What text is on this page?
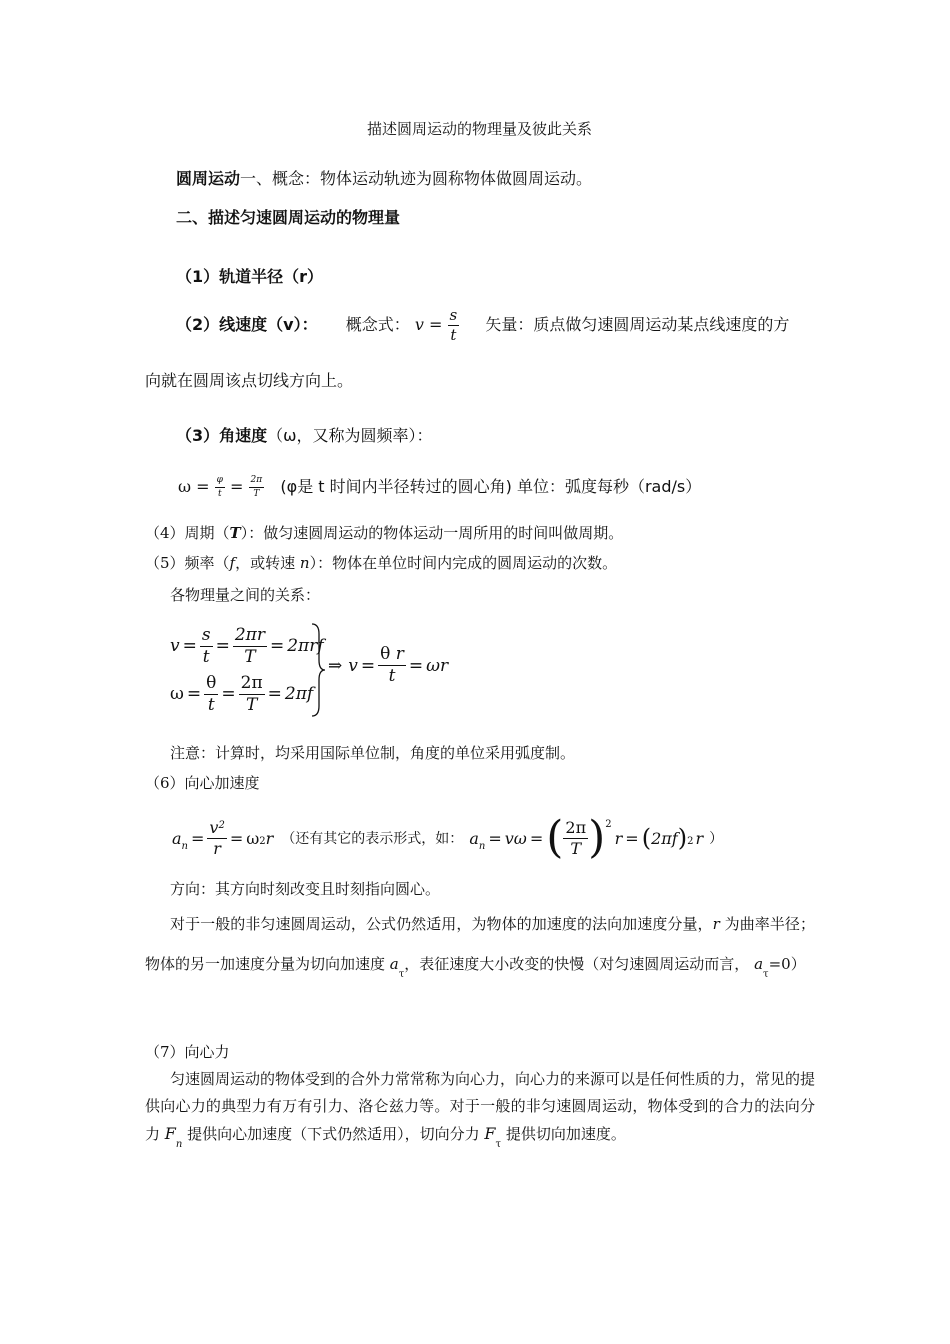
描述圆周运动的物理量及彼此关系
圆周运动一、概念：物体运动轨迹为圆称物体做圆周运动。
二、描述匀速圆周运动的物理量
（1）轨道半径（r）
（2）线速度（v）： 概念式： $v = \frac{s}{t}$ 矢量：质点做匀速圆周运动某点线速度的方
向就在圆周该点切线方向上。
（3）角速度（ω，又称为圆频率）：
$\omega = \frac{\varphi}{t} = \frac{2\pi}{T} (\varphi$是 t 时间内半径转过的圆心角) 单位：弧度每秒（rad/s）
（4）周期（T）：做匀速圆周运动的物体运动一周所用的时间叫做周期。
（5）频率（f，或转速 n）：物体在单位时间内完成的圆周运动的次数。
各物理量之间的关系：
$v = \frac{s}{t} = \frac{2\pi r}{T} = 2\pi rf$
$\omega = \frac{\theta}{t} = \frac{2\pi}{T} = 2\pi f$
⇒ $v = \frac{\text{θ r}}{t} = \omega r$
注意：计算时，均采用国际单位制，角度的单位采用弧度制。
（6）向心加速度
a $n = \frac{v^2}{r} = \omega$ 2 r （还有其它的表示形式，如： a n = vω = ( $\frac{2\pi}{T}$ ) 2
r = ( 2πf ) 2 r ）
方向：其方向时刻改变且时刻指向圆心。
对于一般的非匀速圆周运动，公式仍然适用，为物体的加速度的法向加速度分量，r 为曲率半径；物体的另一加速度分量为切向加速度 $a_\tau$，表征速度大小改变的快慢（对匀速圆周运动而言， $a_\tau=0$）
（7）向心力
匀速圆周运动的物体受到的合外力常常称为向心力，向心力的来源可以是任何性质的力，常见的提供向心力的典型力有万有引力、洛仑兹力等。对于一般的非匀速圆周运动，物体受到的合力的法向分力 $F_n$ 提供向心加速度（下式仍然适用），切向分力 $F_\tau$ 提供切向加速度。
